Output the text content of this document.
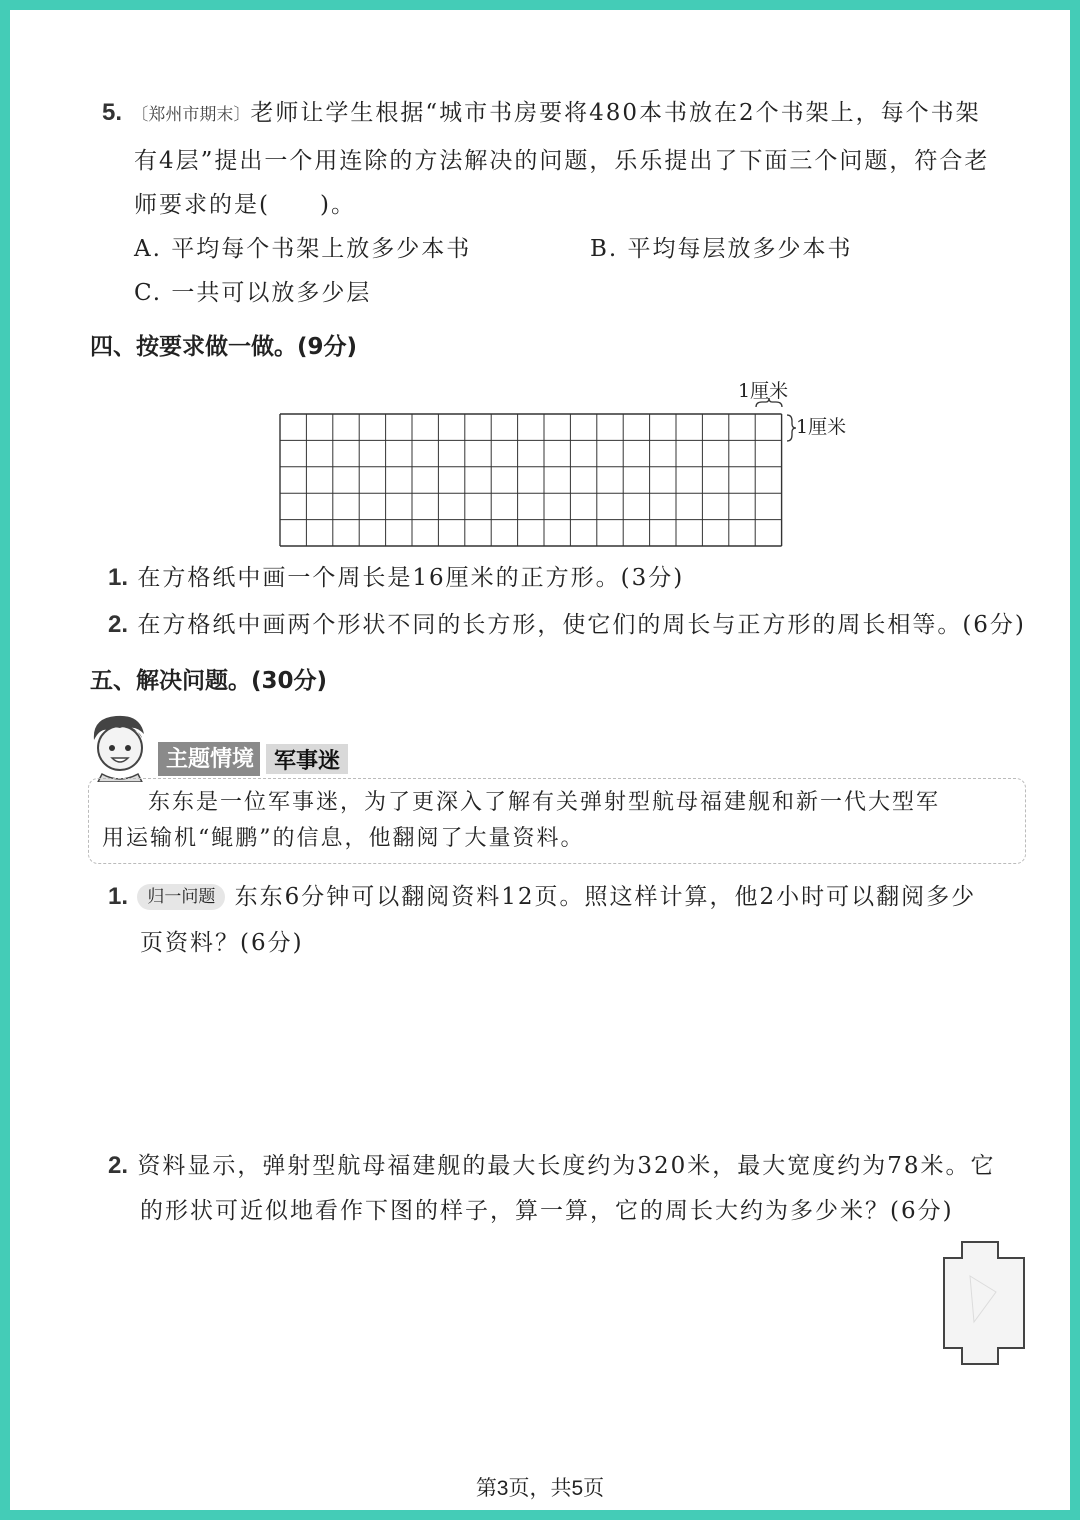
5. 〔郑州市期末〕老师让学生根据“城市书房要将480本书放在2个书架上，每个书架
有4层”提出一个用连除的方法解决的问题，乐乐提出了下面三个问题，符合老
师要求的是(　　)。
A. 平均每个书架上放多少本书	B. 平均每层放多少本书
C. 一共可以放多少层
四、按要求做一做。(9分)
1厘米
1厘米
1. 在方格纸中画一个周长是16厘米的正方形。(3分)
2. 在方格纸中画两个形状不同的长方形，使它们的周长与正方形的周长相等。(6分)
五、解决问题。(30分)
主题情境 军事迷
东东是一位军事迷，为了更深入了解有关弹射型航母福建舰和新一代大型军
用运输机“鲲鹏”的信息，他翻阅了大量资料。
1. 归一问题 东东6分钟可以翻阅资料12页。照这样计算，他2小时可以翻阅多少
页资料？(6分)
2. 资料显示，弹射型航母福建舰的最大长度约为320米，最大宽度约为78米。它
的形状可近似地看作下图的样子，算一算，它的周长大约为多少米？(6分)
第3页，共5页
